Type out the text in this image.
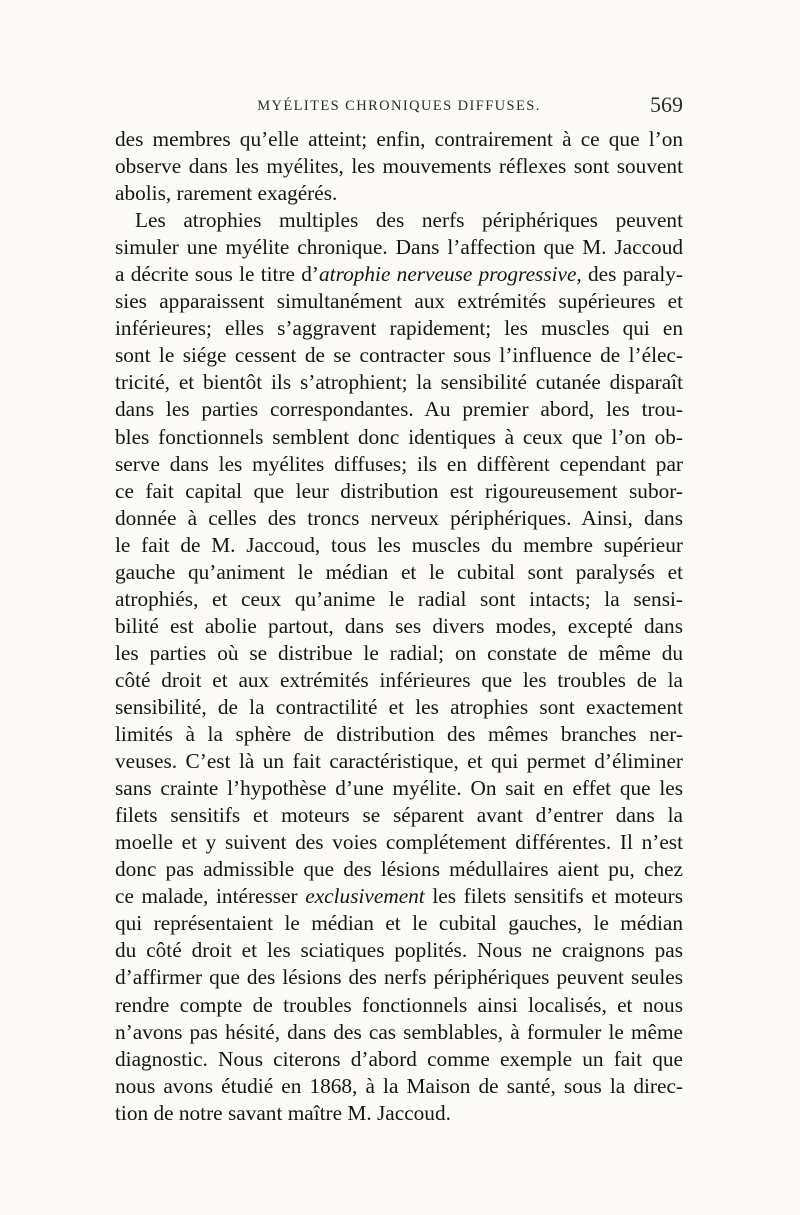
MYÉLITES CHRONIQUES DIFFUSES.	569
des membres qu’elle atteint; enfin, contrairement à ce que l’on
observe dans les myélites, les mouvements réflexes sont souvent
abolis, rarement exagérés.
Les atrophies multiples des nerfs périphériques peuvent
simuler une myélite chronique. Dans l’affection que M. Jaccoud
a décrite sous le titre d’atrophie nerveuse progressive, des paraly-
sies apparaissent simultanément aux extrémités supérieures et
inférieures; elles s’aggravent rapidement; les muscles qui en
sont le siége cessent de se contracter sous l’influence de l’élec-
tricité, et bientôt ils s’atrophient; la sensibilité cutanée disparaît
dans les parties correspondantes. Au premier abord, les trou-
bles fonctionnels semblent donc identiques à ceux que l’on ob-
serve dans les myélites diffuses; ils en diffèrent cependant par
ce fait capital que leur distribution est rigoureusement subor-
donnée à celles des troncs nerveux périphériques. Ainsi, dans
le fait de M. Jaccoud, tous les muscles du membre supérieur
gauche qu’animent le médian et le cubital sont paralysés et
atrophiés, et ceux qu’anime le radial sont intacts; la sensi-
bilité est abolie partout, dans ses divers modes, excepté dans
les parties où se distribue le radial; on constate de même du
côté droit et aux extrémités inférieures que les troubles de la
sensibilité, de la contractilité et les atrophies sont exactement
limités à la sphère de distribution des mêmes branches ner-
veuses. C’est là un fait caractéristique, et qui permet d’éliminer
sans crainte l’hypothèse d’une myélite. On sait en effet que les
filets sensitifs et moteurs se séparent avant d’entrer dans la
moelle et y suivent des voies complétement différentes. Il n’est
donc pas admissible que des lésions médullaires aient pu, chez
ce malade, intéresser exclusivement les filets sensitifs et moteurs
qui représentaient le médian et le cubital gauches, le médian
du côté droit et les sciatiques poplités. Nous ne craignons pas
d’affirmer que des lésions des nerfs périphériques peuvent seules
rendre compte de troubles fonctionnels ainsi localisés, et nous
n’avons pas hésité, dans des cas semblables, à formuler le même
diagnostic. Nous citerons d’abord comme exemple un fait que
nous avons étudié en 1868, à la Maison de santé, sous la direc-
tion de notre savant maître M. Jaccoud.
